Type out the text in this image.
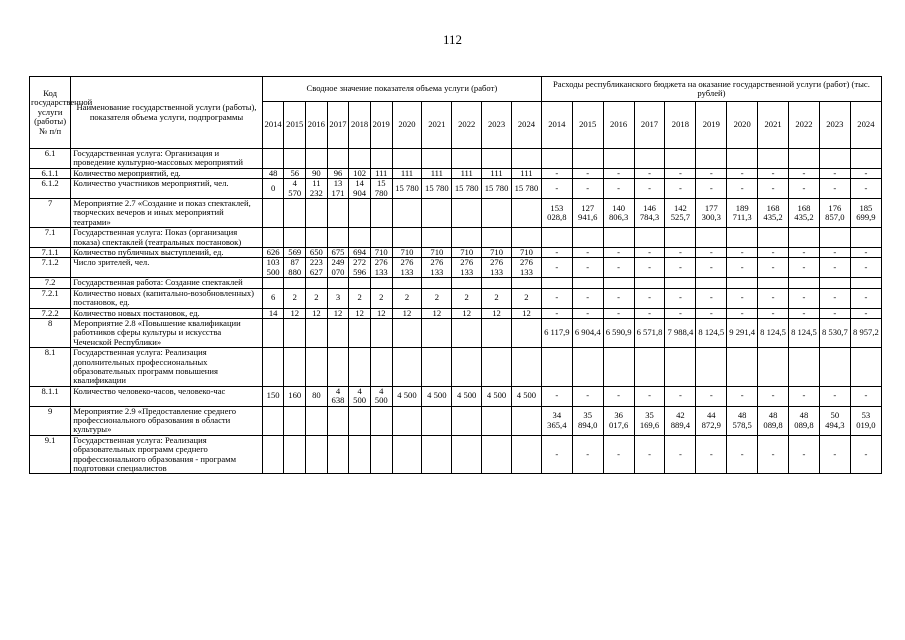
112
Код государственной услуги (работы) № п/п	Наименование государственной услуги (работы), показателя объема услуги, подпрограммы	Сводное значение показателя объема услуги (работ)											Расходы республиканского бюджета на оказание государственной услуги (работ) (тыс. рублей)										
		2014	2015	2016	2017	2018	2019	2020	2021	2022	2023	2024	2014	2015	2016	2017	2018	2019	2020	2021	2022	2023	2024
6.1	Государственная услуга: Организация и проведение культурно-массовых мероприятий																						
6.1.1	Количество мероприятий, ед.	48	56	90	96	102	111	111	111	111	111	111	-	-	-	-	-	-	-	-	-	-	-
6.1.2	Количество участников мероприятий, чел.	0	4 570	11 232	13 171	14 904	15 780	15 780	15 780	15 780	15 780	15 780	-	-	-	-	-	-	-	-	-	-	-
7	Мероприятие 2.7 «Создание и показ спектаклей, творческих вечеров и иных мероприятий театрами»												153 028,8	127 941,6	140 806,3	146 784,3	142 525,7	177 300,3	189 711,3	168 435,2	168 435,2	176 857,0	185 699,9
7.1	Государственная услуга: Показ (организация показа) спектаклей (театральных постановок)																						
7.1.1	Количество публичных выступлений, ед.	626	569	650	675	694	710	710	710	710	710	710	-	-	-	-	-	-	-	-	-	-	-
7.1.2	Число зрителей, чел.	103 500	87 880	223 627	249 070	272 596	276 133	276 133	276 133	276 133	276 133	276 133	-	-	-	-	-	-	-	-	-	-	-
7.2	Государственная работа: Создание спектаклей																						
7.2.1	Количество новых (капитально-возобновленных) постановок, ед.	6	2	2	3	2	2	2	2	2	2	2	-	-	-	-	-	-	-	-	-	-	-
7.2.2	Количество новых постановок, ед.	14	12	12	12	12	12	12	12	12	12	12	-	-	-	-	-	-	-	-	-	-	-
8	Мероприятие 2.8 «Повышение квалификации работников сферы культуры и искусства Чеченской Республики»												6 117,9	6 904,4	6 590,9	6 571,8	7 988,4	8 124,5	9 291,4	8 124,5	8 124,5	8 530,7	8 957,2
8.1	Государственная услуга: Реализация дополнительных профессиональных образовательных программ повышения квалификации																						
8.1.1	Количество человеко-часов, человеко-час	150	160	80	4 638	4 500	4 500	4 500	4 500	4 500	4 500	4 500	-	-	-	-	-	-	-	-	-	-	-
9	Мероприятие 2.9 «Предоставление среднего профессионального образования в области культуры»												34 365,4	35 894,0	36 017,6	35 169,6	42 889,4	44 872,9	48 578,5	48 089,8	48 089,8	50 494,3	53 019,0
9.1	Государственная услуга: Реализация образовательных программ среднего профессионального образования - программ подготовки специалистов												-	-	-	-	-	-	-	-	-	-	-
